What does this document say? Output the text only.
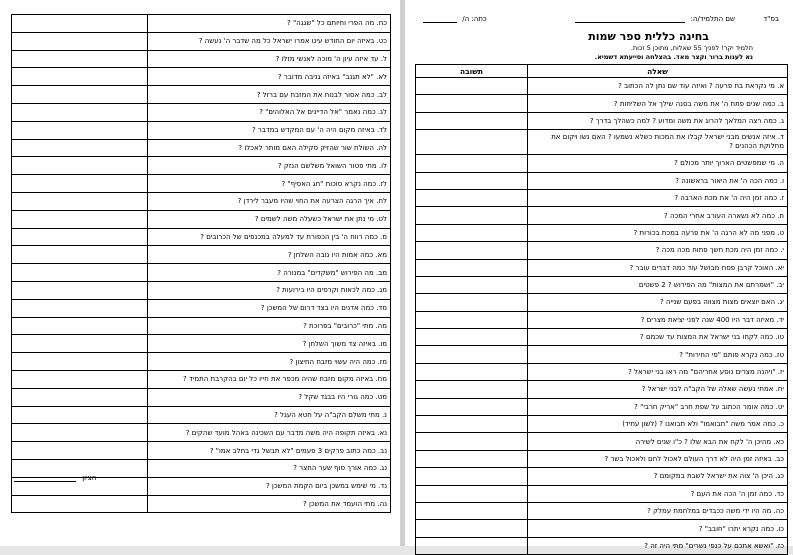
	כח. מה הפרי וחיותם כל "שגגה" ?
	כט. באיזה יום החודש עינו אמרו ישראל כל מה שדבר ה' נעשה ?
	ל. עד איזה עיון ה' מוכה לאנשי מזלו ?
	לא. "לא תגנב" באיזה גניבה מדובר ?
	לב. כמה אסור לבנות את המזבח עם ברזל ?
	לג. כמה נאמר "אל הדיינים אל האלוהים" ?
	לד. באיזה מקום היה ה' עם המקדש במדבר ?
	לה. השולח שור שהזיק סקילה האם מותר לאכלו ?
	לו. מתי פטור השואל משלשם הנזק ?
	לז. כמה נקרא סוכות "חג האסיף" ?
	לח. איך הרגה הצרעה את החוי שהיו מעבר לירדן ?
	לט. מי נתן את ישראל כשעלה משה לשמים ?
	מ. כמה רווח ה' בין הכפורת עד למעלה במכנפים של הכרובים ?
	מא. כמה אמות היו גובה השלחן ?
	מב. מה הפירוש "משקדים" במנורה ?
	מג. כמה לכאות וקרסים היו בירועות ?
	מד. כמה אדנים היו בצד דרום של המשכן ?
	מה. מתי "כרובים" בפרוכת ?
	מו. באיזה צד משוך השלחן ?
	מז. כמה היה עשוי מזבח החיצון ?
	מח. באיזה מקום מזבח שהיה מכפר את חייו כל יום בהקרבת התמיד ?
	מט. כמה גורי היו בבגד שקל ?
	נ. מתי משלם הקב"ה על חטא העגל ?
	נא. באיזה תקופה היה משה מדבר עם השכינה באהל מועד שהקים ?
	נב. כמה כתוב פרקים 3 פעמים "לא תבשל גדי בחלב אמו" ?
	נג. כמה אורך סוף שער החצר ?
	נד. מי שימש במשכן ביום הקמת המשכן ?
	נה. מתי הועמד את המשכן ?
הציון
בס"ד
שם התלמיד/ה:
כתה: ה/
בחינה כללית ספר שמות
תלמיד יקר! לפניך 55 שאלות, מתוכן 5 זכות.
נא לענות ברור וקצר מאד. בהצלחה וסייעתא דשמיא.
תשובה	שאלה
	א. מי נקראת בת פרעה ? ואיזה עוד שם נתן לה הכתוב ?
	ב. כמה שנים פתח ה' את משה בסנה שילך אל השליחות ?
	ג. כמה רצה המלאך להרוג את משה ומדוע ? למה כשהלך בדרך ?
	ד. איזה אנשים מבני ישראל קבלו את המכות כשלא נשמעו ? האם נשו ויקום את מחלוקת הכהנים ?
	ה. מי שמפשטים הארוך יותר מכולם ?
	ו. כמה הכה ה' את היאור בראשונה ?
	ז. כמה זמן היה ה' את מכת הארבה ?
	ח. כמה לא נשארה העורב אחרי המכה ?
	ט. מפני מה לא הרגה ה' את פרעה במכת בכורות ?
	י. כמה זמן היה מכת חשך פתוח מכה מכה ?
	יא. האוכל קרבן פסח מבושל עוד כמה דברים עובר ?
	יב. "ושמרתם את המצות" מה הפירוש ? 2 פשטים
	יג. האם יוצאים מצות מצווה בפעם שנייה ?
	יד. מאיזה דבר היו 400 שנה לפני יציאת מצרים ?
	טו. כמה לקחו בני ישראל את המצות עד שכמם ?
	טז. כמה נקרא פותם "פי החירות" ?
	יז. "ויהנה מצרים נוסע אחריהם" מה ראו בני ישראל ?
	יח. אמתי נעשה שאלה של הקב"ה לבני ישראל ?
	יט. כמה אומר הכתוב על שפת חרב "אריק חרבי" ?
	כ. כמה אמר משה "תבואמו" ולא תבואנו ? (לשון עתיד)
	כא. מהיכן ה' לקח את הבא שלו ? כ"ו שנים לשירה
	כב. באיזה זמן היה לא דרך העולם לאכול לחם ולאכול בשר ?
	כג. היכן ה' צוה את ישראל לשבת במקומם ?
	כד. כמה זמן ה' הכה את העם ?
	כה. מה היו ידי משה ככבדים במלחמת עמלק ?
	כו. כמה נקרא יתרו "חובב" ?
	כז. "ואשא אתכם על כנפי נשרים" מתי היה זה ?
